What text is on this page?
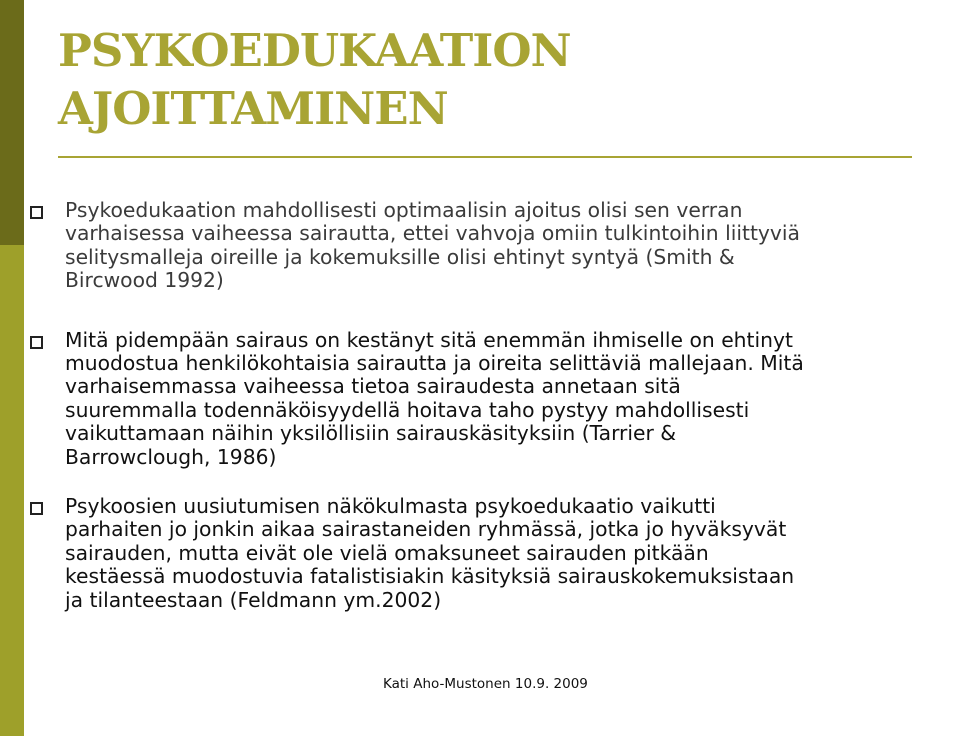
PSYKOEDUKAATION
AJOITTAMINEN
Psykoedukaation mahdollisesti optimaalisin ajoitus olisi sen verran
varhaisessa vaiheessa sairautta, ettei vahvoja omiin tulkintoihin liittyviä
selitysmalleja oireille ja kokemuksille olisi ehtinyt syntyä (Smith &
Bircwood 1992)
Mitä pidempään sairaus on kestänyt sitä enemmän ihmiselle on ehtinyt
muodostua henkilökohtaisia sairautta ja oireita selittäviä mallejaan. Mitä
varhaisemmassa vaiheessa tietoa sairaudesta annetaan sitä
suuremmalla todennäköisyydellä hoitava taho pystyy mahdollisesti
vaikuttamaan näihin yksilöllisiin sairauskäsityksiin (Tarrier &
Barrowclough, 1986)
Psykoosien uusiutumisen näkökulmasta psykoedukaatio vaikutti
parhaiten jo jonkin aikaa sairastaneiden ryhmässä, jotka jo hyväksyvät
sairauden, mutta eivät ole vielä omaksuneet sairauden pitkään
kestäessä muodostuvia fatalistisiakin käsityksiä sairauskokemuksistaan
ja tilanteestaan (Feldmann ym.2002)
Kati Aho-Mustonen 10.9. 2009
